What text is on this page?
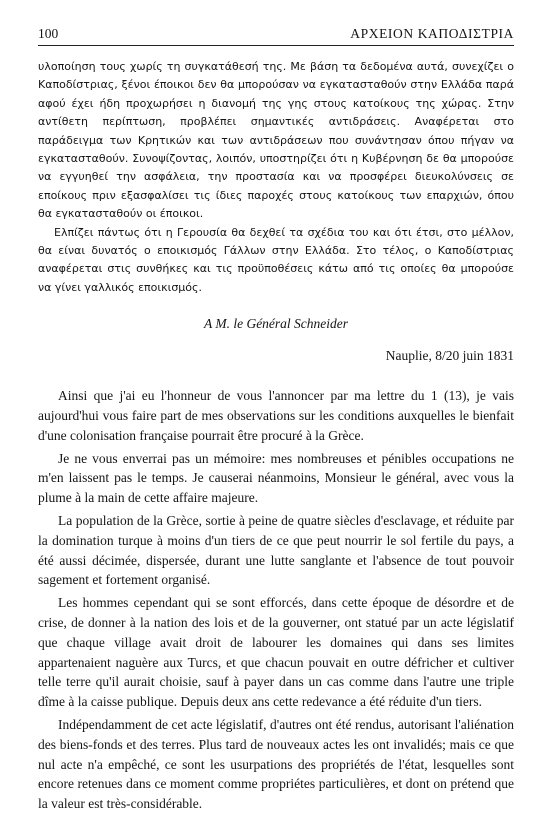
100	ΑΡΧΕΙΟΝ ΚΑΠΟΔΙΣΤΡΙΑ

υλοποίηση τους χωρίς τη συγκατάθεσή της. Με βάση τα δεδομένα αυτά, συνεχίζει ο Καποδίστριας, ξένοι έποικοι δεν θα μπορούσαν να εγκατασταθούν στην Ελλάδα παρά αφού έχει ήδη προχωρήσει η διανομή της γης στους κατοίκους της χώρας. Στην αντίθετη περίπτωση, προβλέπει σημαντικές αντιδράσεις. Αναφέρεται στο παράδειγμα των Κρητικών και των αντιδράσεων που συνάντησαν όπου πήγαν να εγκατασταθούν. Συνοψίζοντας, λοιπόν, υποστηρίζει ότι η Κυβέρνηση δε θα μπορούσε να εγγυηθεί την ασφάλεια, την προστασία και να προσφέρει διευκολύνσεις σε εποίκους πριν εξασφαλίσει τις ίδιες παροχές στους κατοίκους των επαρχιών, όπου θα εγκατασταθούν οι έποικοι.

Ελπίζει πάντως ότι η Γερουσία θα δεχθεί τα σχέδια του και ότι έτσι, στο μέλλον, θα είναι δυνατός ο εποικισμός Γάλλων στην Ελλάδα. Στο τέλος, ο Καποδίστριας αναφέρεται στις συνθήκες και τις προϋποθέσεις κάτω από τις οποίες θα μπορούσε να γίνει γαλλικός εποικισμός.

A M. le Général Schneider
Nauplie, 8/20 juin 1831

Ainsi que j'ai eu l'honneur de vous l'annoncer par ma lettre du 1 (13), je vais aujourd'hui vous faire part de mes observations sur les conditions auxquelles le bienfait d'une colonisation française pourrait être procuré à la Grèce.

Je ne vous enverrai pas un mémoire: mes nombreuses et pénibles occupations ne m'en laissent pas le temps. Je causerai néanmoins, Monsieur le général, avec vous la plume à la main de cette affaire majeure.

La population de la Grèce, sortie à peine de quatre siècles d'esclavage, et réduite par la domination turque à moins d'un tiers de ce que peut nourrir le sol fertile du pays, a été aussi décimée, dispersée, durant une lutte sanglante et l'absence de tout pouvoir sagement et fortement organisé.

Les hommes cependant qui se sont efforcés, dans cette époque de désordre et de crise, de donner à la nation des lois et de la gouverner, ont statué par un acte législatif que chaque village avait droit de labourer les domaines qui dans ses limites appartenaient naguère aux Turcs, et que chacun pouvait en outre défricher et cultiver telle terre qu'il aurait choisie, sauf à payer dans un cas comme dans l'autre une triple dîme à la caisse publique. Depuis deux ans cette redevance a été réduite d'un tiers.

Indépendamment de cet acte législatif, d'autres ont été rendus, autorisant l'aliénation des biens-fonds et des terres. Plus tard de nouveaux actes les ont invalidés; mais ce que nul acte n'a empêché, ce sont les usurpations des propriétés de l'état, lesquelles sont encore retenues dans ce moment comme propriétes particulières, et dont on prétend que la valeur est très-considérable.
